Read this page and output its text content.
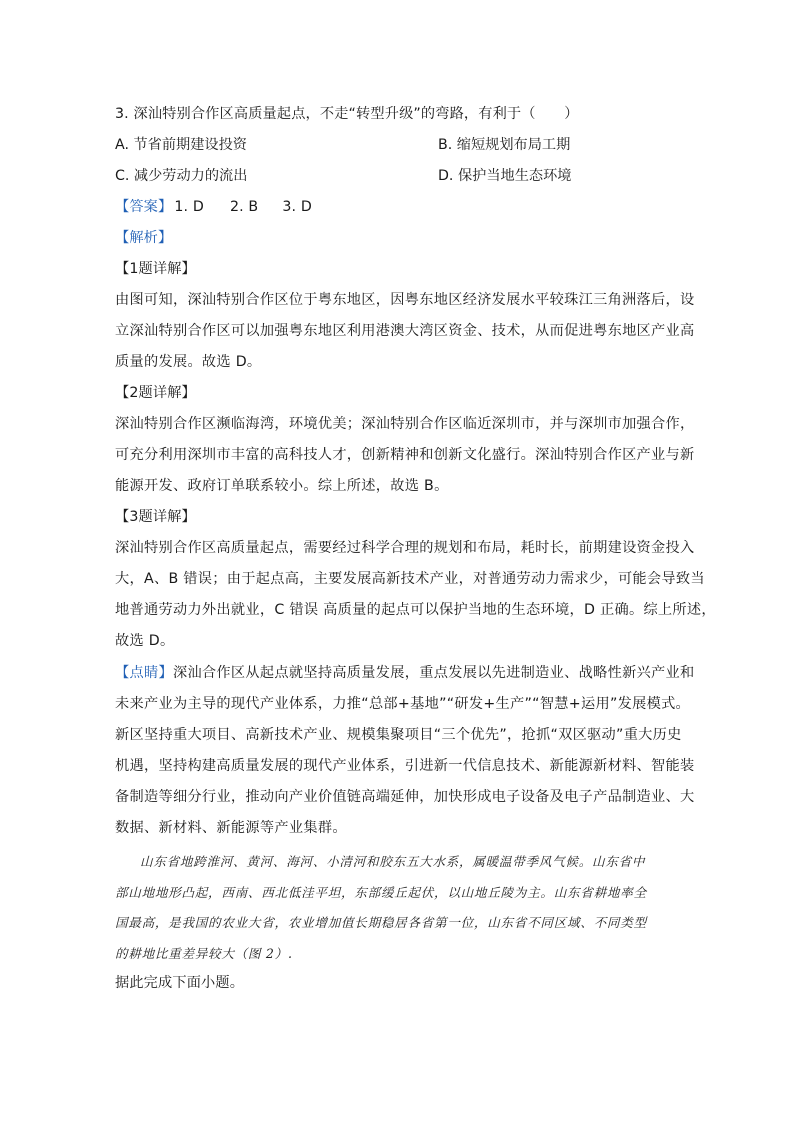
3. 深汕特别合作区高质量起点，不走“转型升级”的弯路，有利于（　　）
A. 节省前期建设投资	B. 缩短规划布局工期
C. 减少劳动力的流出	D. 保护当地生态环境
【答案】 1. D 2. B 3. D
【解析】
【1题详解】
由图可知，深汕特别合作区位于粤东地区，因粤东地区经济发展水平较珠江三角洲落后，设
立深汕特别合作区可以加强粤东地区利用港澳大湾区资金、技术，从而促进粤东地区产业高
质量的发展。故选 D。
【2题详解】
深汕特别合作区濒临海湾，环境优美；深汕特别合作区临近深圳市，并与深圳市加强合作，
可充分利用深圳市丰富的高科技人才，创新精神和创新文化盛行。深汕特别合作区产业与新
能源开发、政府订单联系较小。综上所述，故选 B。
【3题详解】
深汕特别合作区高质量起点，需要经过科学合理的规划和布局，耗时长，前期建设资金投入
大，A、B 错误；由于起点高，主要发展高新技术产业，对普通劳动力需求少，可能会导致当
地普通劳动力外出就业，C 错误 高质量的起点可以保护当地的生态环境，D 正确。综上所述，
故选 D。
【点睛】深汕合作区从起点就坚持高质量发展，重点发展以先进制造业、战略性新兴产业和
未来产业为主导的现代产业体系，力推“总部+基地”“研发+生产”“智慧+运用”发展模式。
新区坚持重大项目、高新技术产业、规模集聚项目“三个优先”，抢抓“双区驱动”重大历史
机遇，坚持构建高质量发展的现代产业体系，引进新一代信息技术、新能源新材料、智能装
备制造等细分行业，推动向产业价值链高端延伸，加快形成电子设备及电子产品制造业、大
数据、新材料、新能源等产业集群。
山东省地跨淮河、黄河、海河、小清河和胶东五大水系，属暖温带季风气候。山东省中
部山地地形凸起，西南、西北低洼平坦，东部缓丘起伏，以山地丘陵为主。山东省耕地率全
国最高，是我国的农业大省，农业增加值长期稳居各省第一位，山东省不同区域、不同类型
的耕地比重差异较大（图 2）.
据此完成下面小题。
